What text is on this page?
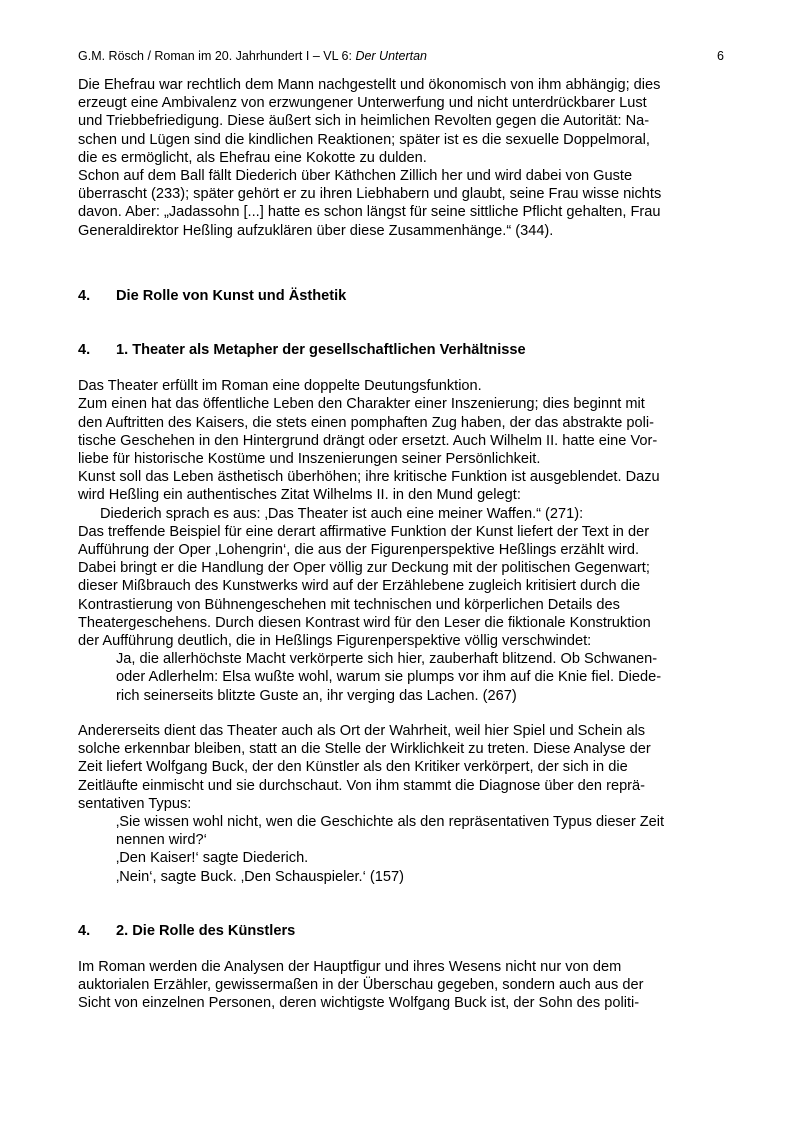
G.M. Rösch / Roman im 20. Jahrhundert I – VL 6: Der Untertan	6
Die Ehefrau war rechtlich dem Mann nachgestellt und ökonomisch von ihm abhängig; dies
erzeugt eine Ambivalenz von erzwungener Unterwerfung und nicht unterdrückbarer Lust
und Triebbefriedigung. Diese äußert sich in heimlichen Revolten gegen die Autorität: Na-
schen und Lügen sind die kindlichen Reaktionen; später ist es die sexuelle Doppelmoral,
die es ermöglicht, als Ehefrau eine Kokotte zu dulden.
Schon auf dem Ball fällt Diederich über Käthchen Zillich her und wird dabei von Guste
überrascht (233); später gehört er zu ihren Liebhabern und glaubt, seine Frau wisse nichts
davon. Aber: „Jadassohn [...] hatte es schon längst für seine sittliche Pflicht gehalten, Frau
Generaldirektor Heßling aufzuklären über diese Zusammenhänge.“ (344).
4.	Die Rolle von Kunst und Ästhetik
4.	1. Theater als Metapher der gesellschaftlichen Verhältnisse
Das Theater erfüllt im Roman eine doppelte Deutungsfunktion.
Zum einen hat das öffentliche Leben den Charakter einer Inszenierung; dies beginnt mit
den Auftritten des Kaisers, die stets einen pomphaften Zug haben, der das abstrakte poli-
tische Geschehen in den Hintergrund drängt oder ersetzt. Auch Wilhelm II. hatte eine Vor-
liebe für historische Kostüme und Inszenierungen seiner Persönlichkeit.
Kunst soll das Leben ästhetisch überhöhen; ihre kritische Funktion ist ausgeblendet. Dazu
wird Heßling ein authentisches Zitat Wilhelms II. in den Mund gelegt:
Diederich sprach es aus: ‚Das Theater ist auch eine meiner Waffen.“ (271):
Das treffende Beispiel für eine derart affirmative Funktion der Kunst liefert der Text in der
Aufführung der Oper ‚Lohengrin‘, die aus der Figurenperspektive Heßlings erzählt wird.
Dabei bringt er die Handlung der Oper völlig zur Deckung mit der politischen Gegenwart;
dieser Mißbrauch des Kunstwerks wird auf der Erzählebene zugleich kritisiert durch die
Kontrastierung von Bühnengeschehen mit technischen und körperlichen Details des
Theatergeschehens. Durch diesen Kontrast wird für den Leser die fiktionale Konstruktion
der Aufführung deutlich, die in Heßlings Figurenperspektive völlig verschwindet:
Ja, die allerhöchste Macht verkörperte sich hier, zauberhaft blitzend. Ob Schwanen-
oder Adlerhelm: Elsa wußte wohl, warum sie plumps vor ihm auf die Knie fiel. Diede-
rich seinerseits blitzte Guste an, ihr verging das Lachen. (267)
Andererseits dient das Theater auch als Ort der Wahrheit, weil hier Spiel und Schein als
solche erkennbar bleiben, statt an die Stelle der Wirklichkeit zu treten. Diese Analyse der
Zeit liefert Wolfgang Buck, der den Künstler als den Kritiker verkörpert, der sich in die
Zeitläufte einmischt und sie durchschaut. Von ihm stammt die Diagnose über den reprä-
sentativen Typus:
‚Sie wissen wohl nicht, wen die Geschichte als den repräsentativen Typus dieser Zeit
nennen wird?‘
‚Den Kaiser!‘ sagte Diederich.
‚Nein‘, sagte Buck. ‚Den Schauspieler.‘ (157)
4.	2. Die Rolle des Künstlers
Im Roman werden die Analysen der Hauptfigur und ihres Wesens nicht nur von dem
auktorialen Erzähler, gewissermaßen in der Überschau gegeben, sondern auch aus der
Sicht von einzelnen Personen, deren wichtigste Wolfgang Buck ist, der Sohn des politi-
